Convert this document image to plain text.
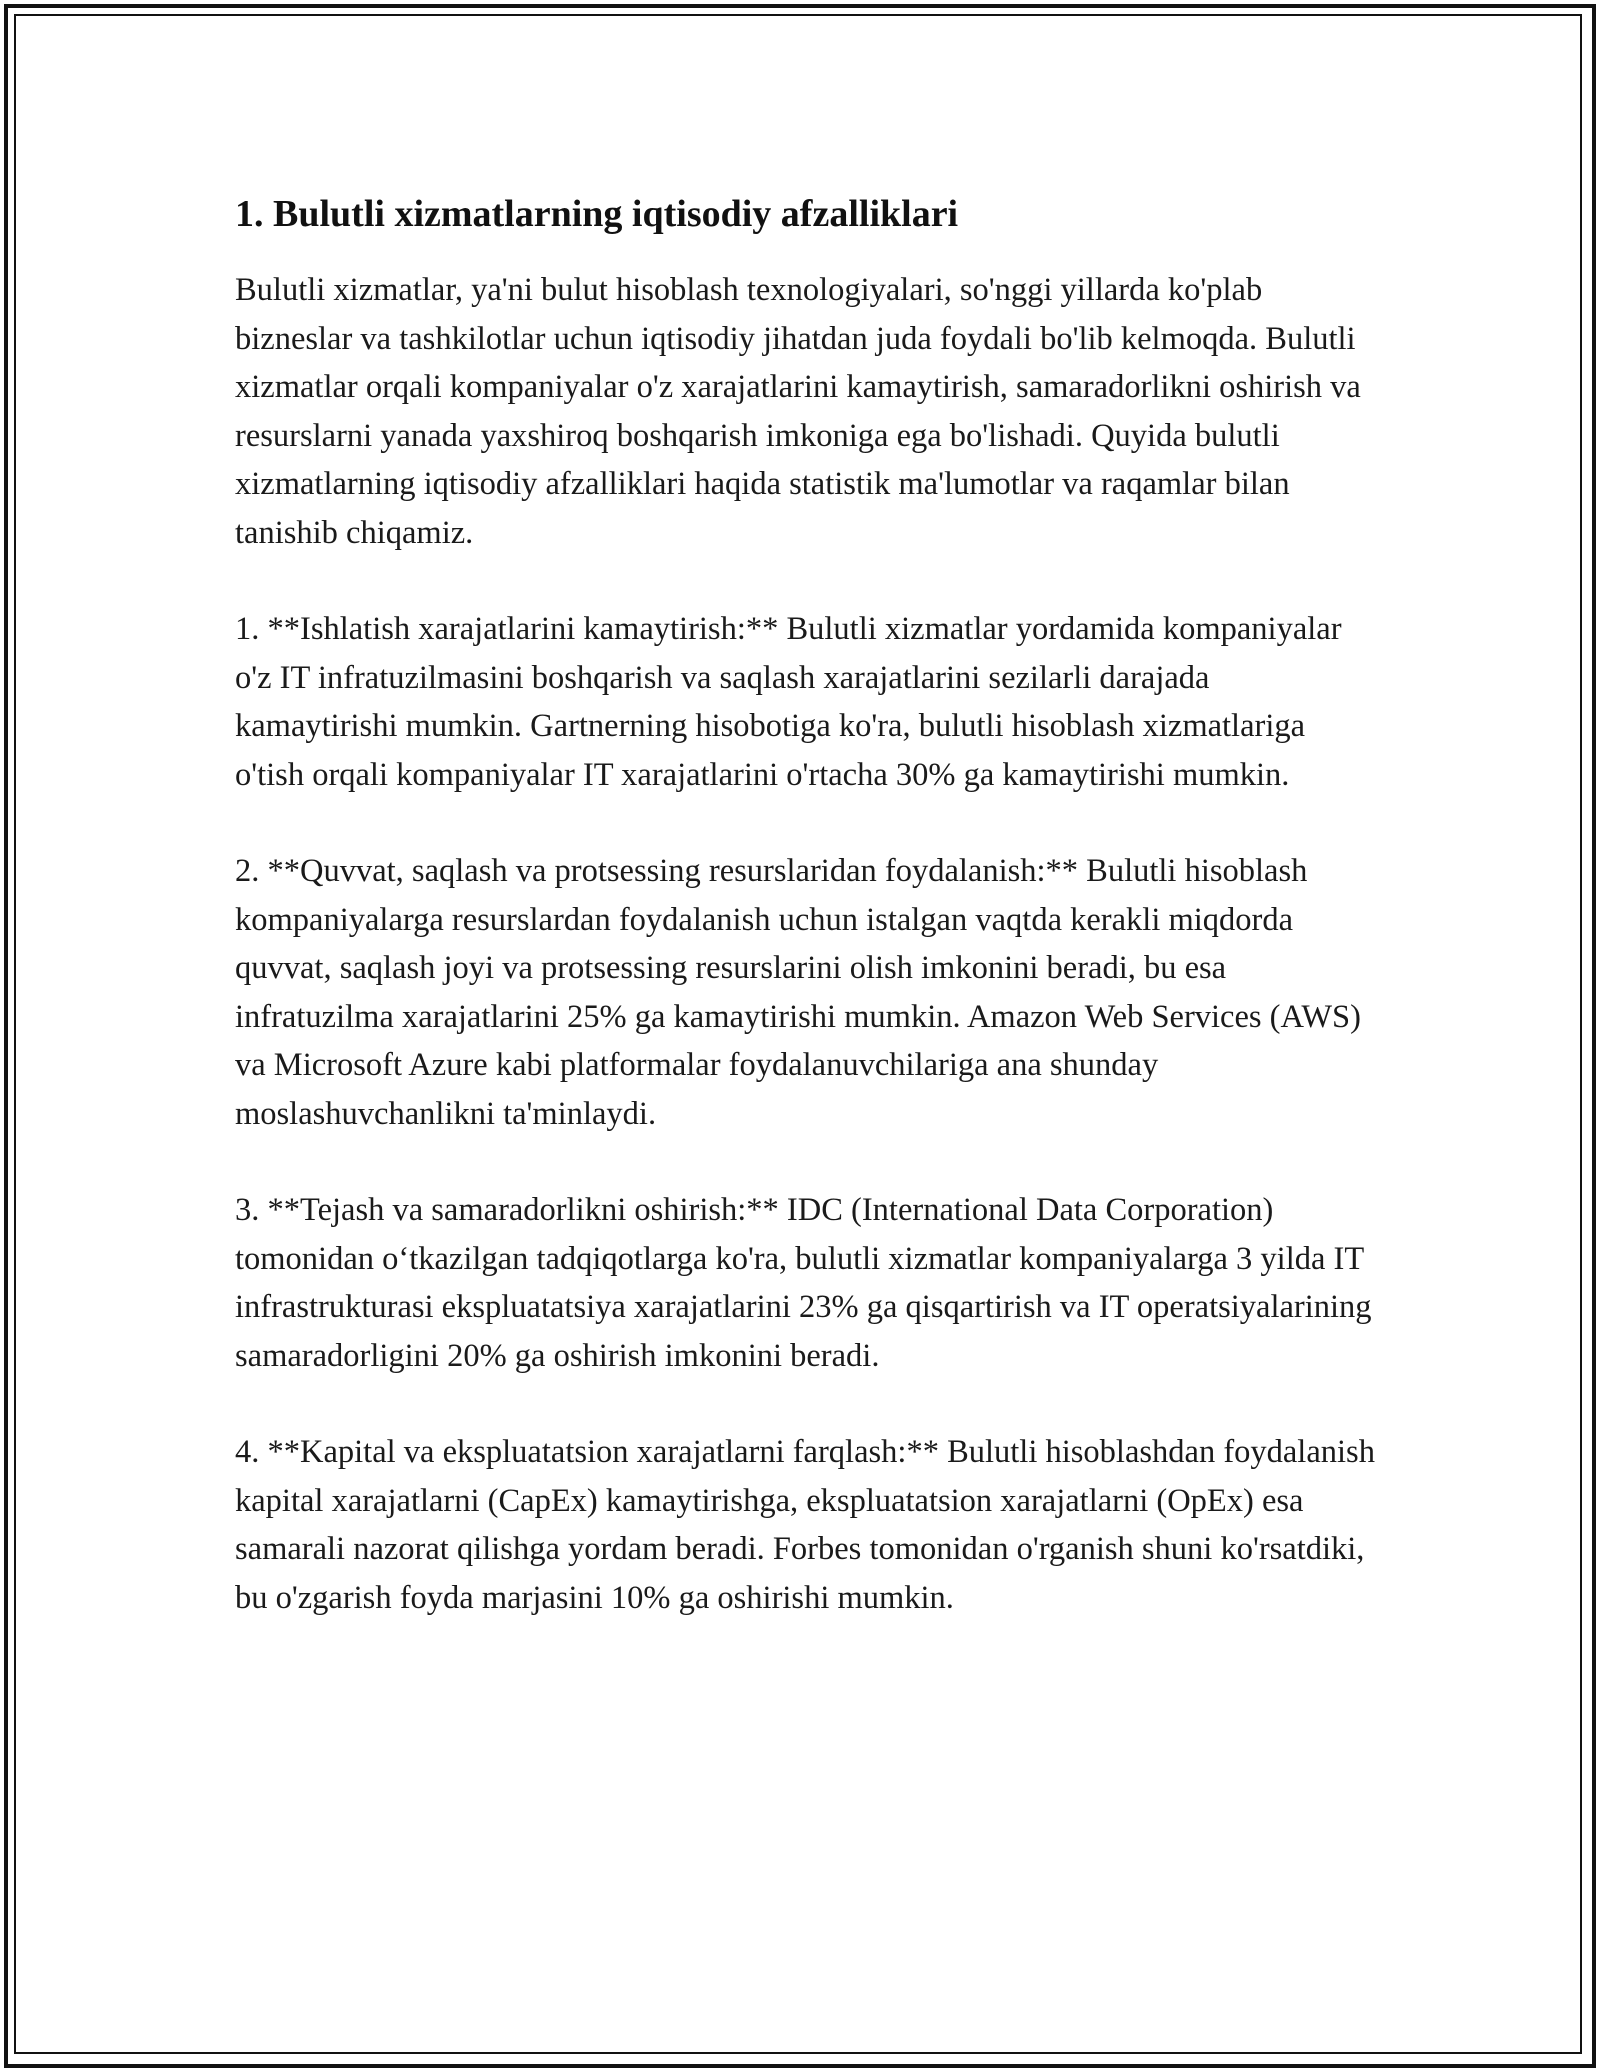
1. Bulutli xizmatlarning iqtisodiy afzalliklari

Bulutli xizmatlar, ya'ni bulut hisoblash texnologiyalari, so'nggi yillarda ko'plab bizneslar va tashkilotlar uchun iqtisodiy jihatdan juda foydali bo'lib kelmoqda. Bulutli xizmatlar orqali kompaniyalar o'z xarajatlarini kamaytirish, samaradorlikni oshirish va resurslarni yanada yaxshiroq boshqarish imkoniga ega bo'lishadi. Quyida bulutli xizmatlarning iqtisodiy afzalliklari haqida statistik ma'lumotlar va raqamlar bilan tanishib chiqamiz.

1. **Ishlatish xarajatlarini kamaytirish:** Bulutli xizmatlar yordamida kompaniyalar o'z IT infratuzilmasini boshqarish va saqlash xarajatlarini sezilarli darajada kamaytirishi mumkin. Gartnerning hisobotiga ko'ra, bulutli hisoblash xizmatlariga o'tish orqali kompaniyalar IT xarajatlarini o'rtacha 30% ga kamaytirishi mumkin.

2. **Quvvat, saqlash va protsessing resurslaridan foydalanish:** Bulutli hisoblash kompaniyalarga resurslardan foydalanish uchun istalgan vaqtda kerakli miqdorda quvvat, saqlash joyi va protsessing resurslarini olish imkonini beradi, bu esa infratuzilma xarajatlarini 25% ga kamaytirishi mumkin. Amazon Web Services (AWS) va Microsoft Azure kabi platformalar foydalanuvchilariga ana shunday moslashuvchanlikni ta'minlaydi.

3. **Tejash va samaradorlikni oshirish:** IDC (International Data Corporation) tomonidan o‘tkazilgan tadqiqotlarga ko'ra, bulutli xizmatlar kompaniyalarga 3 yilda IT infrastrukturasi ekspluatatsiya xarajatlarini 23% ga qisqartirish va IT operatsiyalarining samaradorligini 20% ga oshirish imkonini beradi.

4. **Kapital va ekspluatatsion xarajatlarni farqlash:** Bulutli hisoblashdan foydalanish kapital xarajatlarni (CapEx) kamaytirishga, ekspluatatsion xarajatlarni (OpEx) esa samarali nazorat qilishga yordam beradi. Forbes tomonidan o'rganish shuni ko'rsatdiki, bu o'zgarish foyda marjasini 10% ga oshirishi mumkin.
